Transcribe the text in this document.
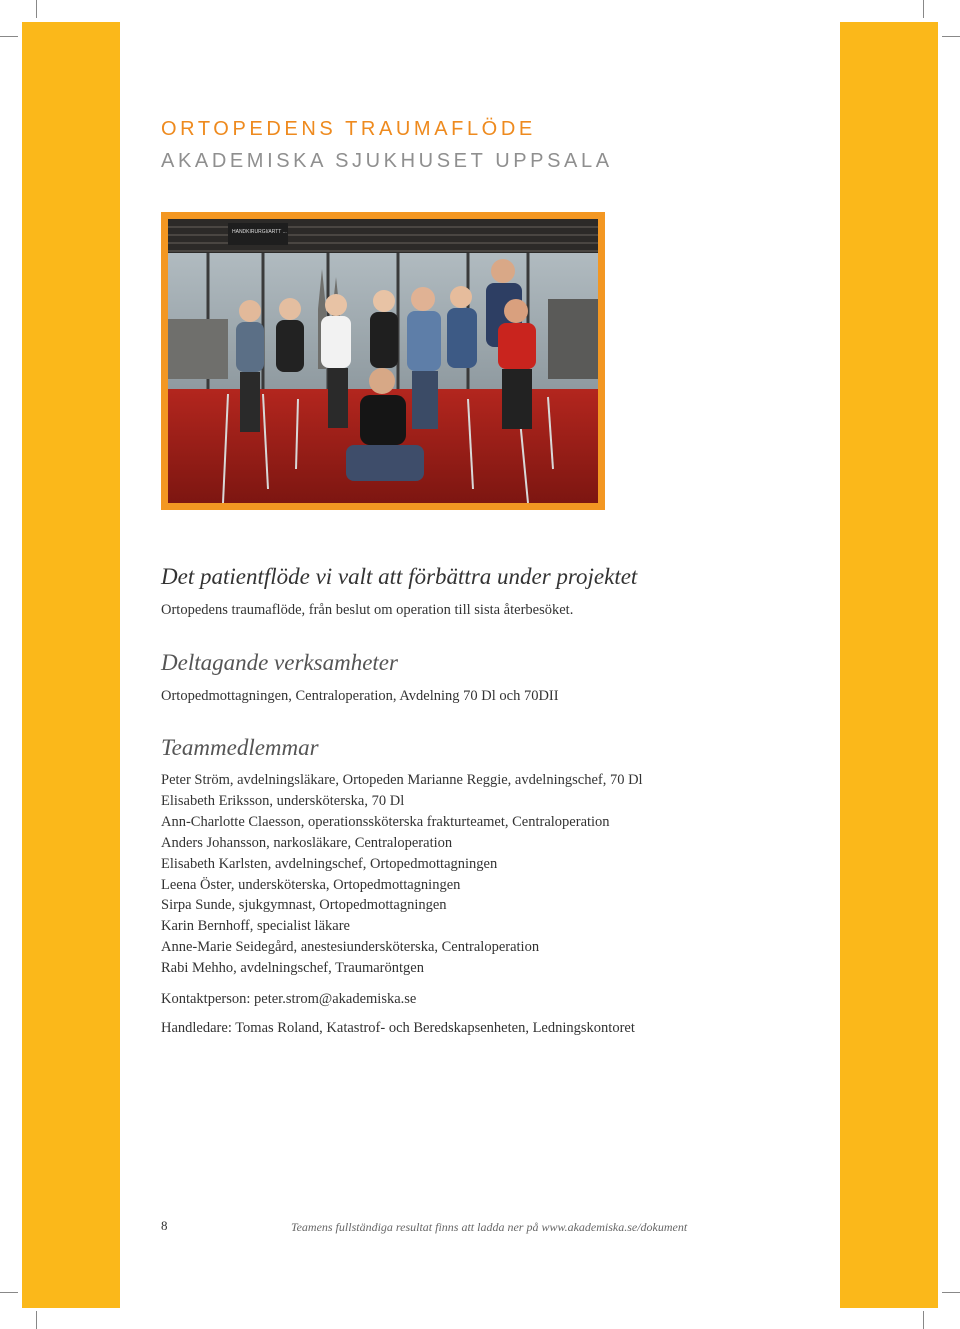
ORTOPEDENS TRAUMAFLÖDE
AKADEMISKA SJUKHUSET UPPSALA
HANDKIRURGI/ARTT ...
Det patientflöde vi valt att förbättra under projektet
Ortopedens traumaflöde, från beslut om operation till sista återbesöket.
Deltagande verksamheter
Ortopedmottagningen, Centraloperation, Avdelning 70 Dl och 70DII
Teammedlemmar
Peter Ström, avdelningsläkare, Ortopeden Marianne Reggie, avdelningschef, 70 Dl
Elisabeth Eriksson, undersköterska, 70 Dl
Ann-Charlotte Claesson, operationssköterska frakturteamet, Centraloperation
Anders Johansson, narkosläkare, Centraloperation
Elisabeth Karlsten, avdelningschef, Ortopedmottagningen
Leena Öster, undersköterska, Ortopedmottagningen
Sirpa Sunde, sjukgymnast, Ortopedmottagningen
Karin Bernhoff, specialist läkare
Anne-Marie Seidegård, anestesiundersköterska, Centraloperation
Rabi Mehho, avdelningschef, Traumaröntgen
Kontaktperson: peter.strom@akademiska.se
Handledare: Tomas Roland, Katastrof- och Beredskapsenheten, Ledningskontoret
8	Teamens fullständiga resultat finns att ladda ner på www.akademiska.se/dokument
